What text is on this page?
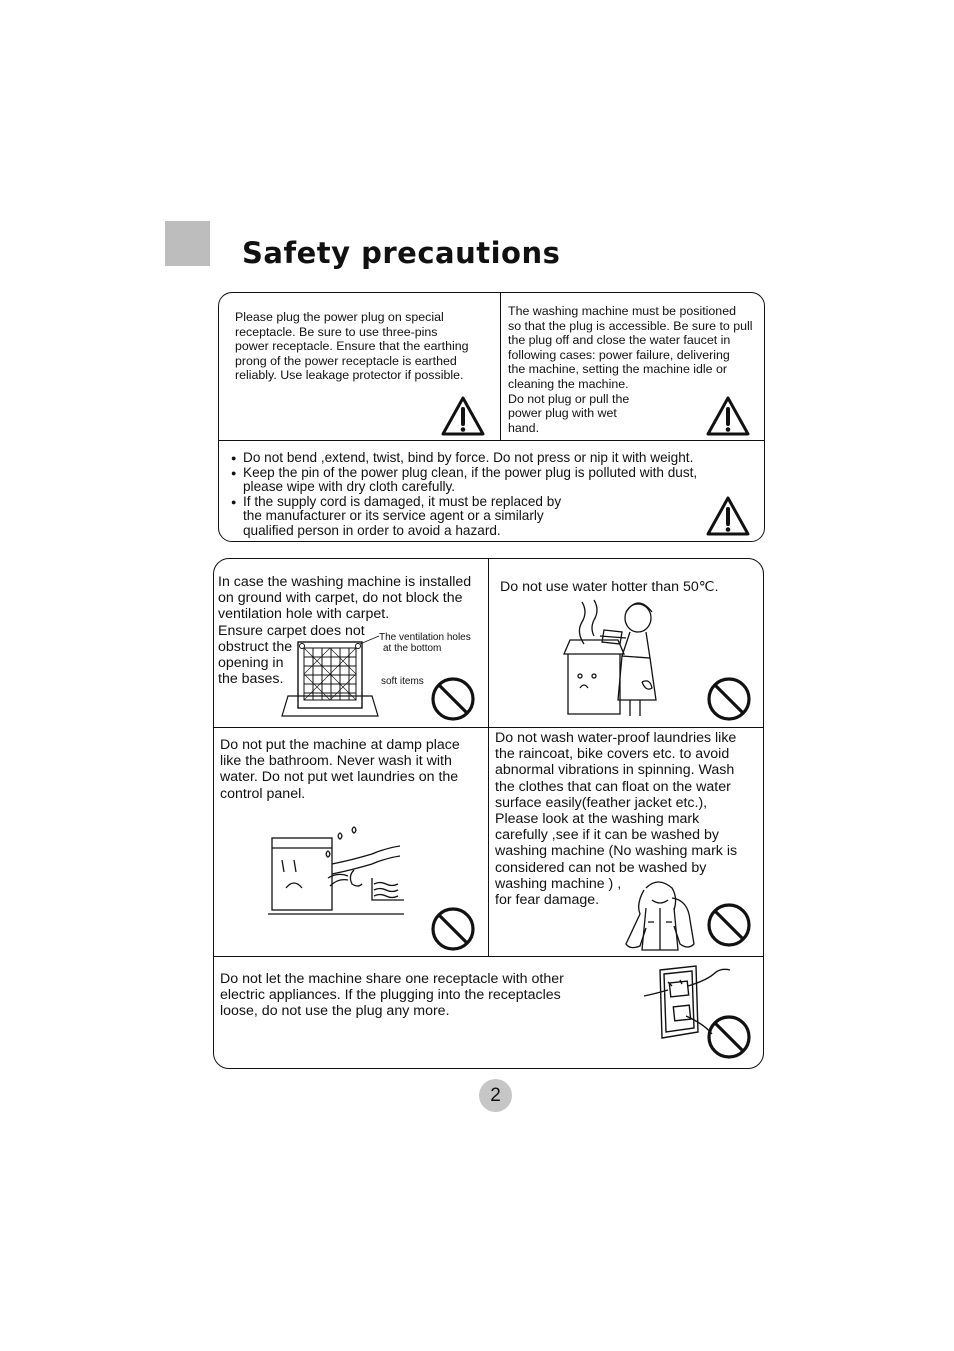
Safety precautions
Please plug the power plug on special
receptacle. Be sure to use three-pins
power receptacle. Ensure that the earthing
prong of the power receptacle is earthed
reliably. Use leakage protector if possible.
The washing machine must be positioned
so that the plug is accessible. Be sure to pull
the plug off and close the water faucet in
following cases: power failure, delivering
the machine, setting the machine idle or
cleaning the machine.
Do not plug or pull the
power plug with wet
hand.
● Do not bend ,extend, twist, bind by force. Do not press or nip it with weight.
● Keep the pin of the power plug clean, if the power plug is polluted with dust,
please wipe with dry cloth carefully.
● If the supply cord is damaged, it must be replaced by
the manufacturer or its service agent or a similarly
qualified person in order to avoid a hazard.
In case the washing machine is installed
on ground with carpet, do not block the
ventilation hole with carpet.
Ensure carpet does not
obstruct the
opening in
the bases.
The ventilation holes
at the bottom
soft items
Do not use water hotter than 50℃.
Do not put the machine at damp place
like the bathroom. Never wash it with
water. Do not put wet laundries on the
control panel.
Do not wash water-proof laundries like
the raincoat, bike covers etc. to avoid
abnormal vibrations in spinning. Wash
the clothes that can float on the water
surface easily(feather jacket etc.),
Please look at the washing mark
carefully ,see if it can be washed by
washing machine (No washing mark is
considered can not be washed by
washing machine ) ,
for fear damage.
Do not let the machine share one receptacle with other
electric appliances. If the plugging into the receptacles
loose, do not use the plug any more.
2
